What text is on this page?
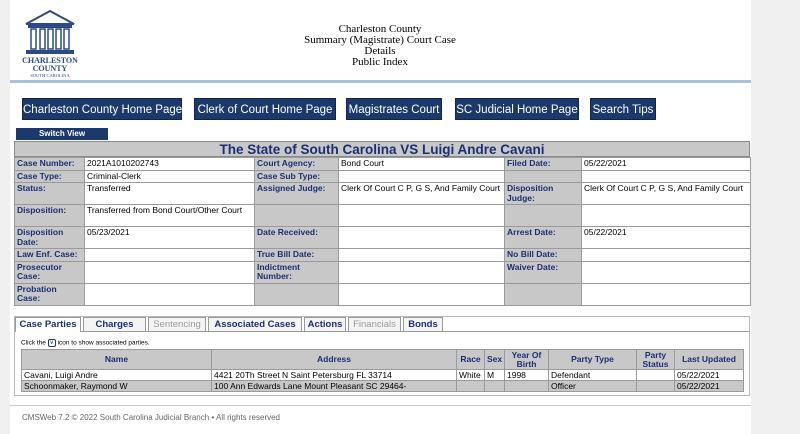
CHARLESTON
COUNTY
SOUTH CAROLINA
Charleston County
Summary (Magistrate) Court Case
Details
Public Index
Charleston County Home Page	Clerk of Court Home Page	Magistrates Court SC Judicial Home Page Search Tips
Switch View
The State of South Carolina VS Luigi Andre Cavani
Case Number:	2021A1010202743	Court Agency:	Bond Court	Filed Date:	05/22/2021
Case Type:	Criminal-Clerk	Case Sub Type:			
Status:	Transferred	Assigned Judge:	Clerk Of Court C P, G S, And Family Court	Disposition Judge:	Clerk Of Court C P, G S, And Family Court
Disposition:	Transferred from Bond Court/Other Court				
Disposition Date:	05/23/2021	Date Received:		Arrest Date:	05/22/2021
Law Enf. Case:		True Bill Date:		No Bill Date:	
Prosecutor Case:		Indictment Number:		Waiver Date:	
Probation Case:					
Case Parties	Charges	Sentencing	Associated Cases	Actions	Financials	Bonds
Click the ∨ icon to show associated parties.
Name	Address	Race	Sex	Year Of Birth	Party Type	Party Status	Last Updated
Cavani, Luigi Andre	4421 20Th Street N Saint Petersburg FL 33714	White	M	1998	Defendant		05/22/2021
Schoonmaker, Raymond W	100 Ann Edwards Lane Mount Pleasant SC 29464-				Officer		05/22/2021
CMSWeb 7.2 © 2022 South Carolina Judicial Branch • All rights reserved
